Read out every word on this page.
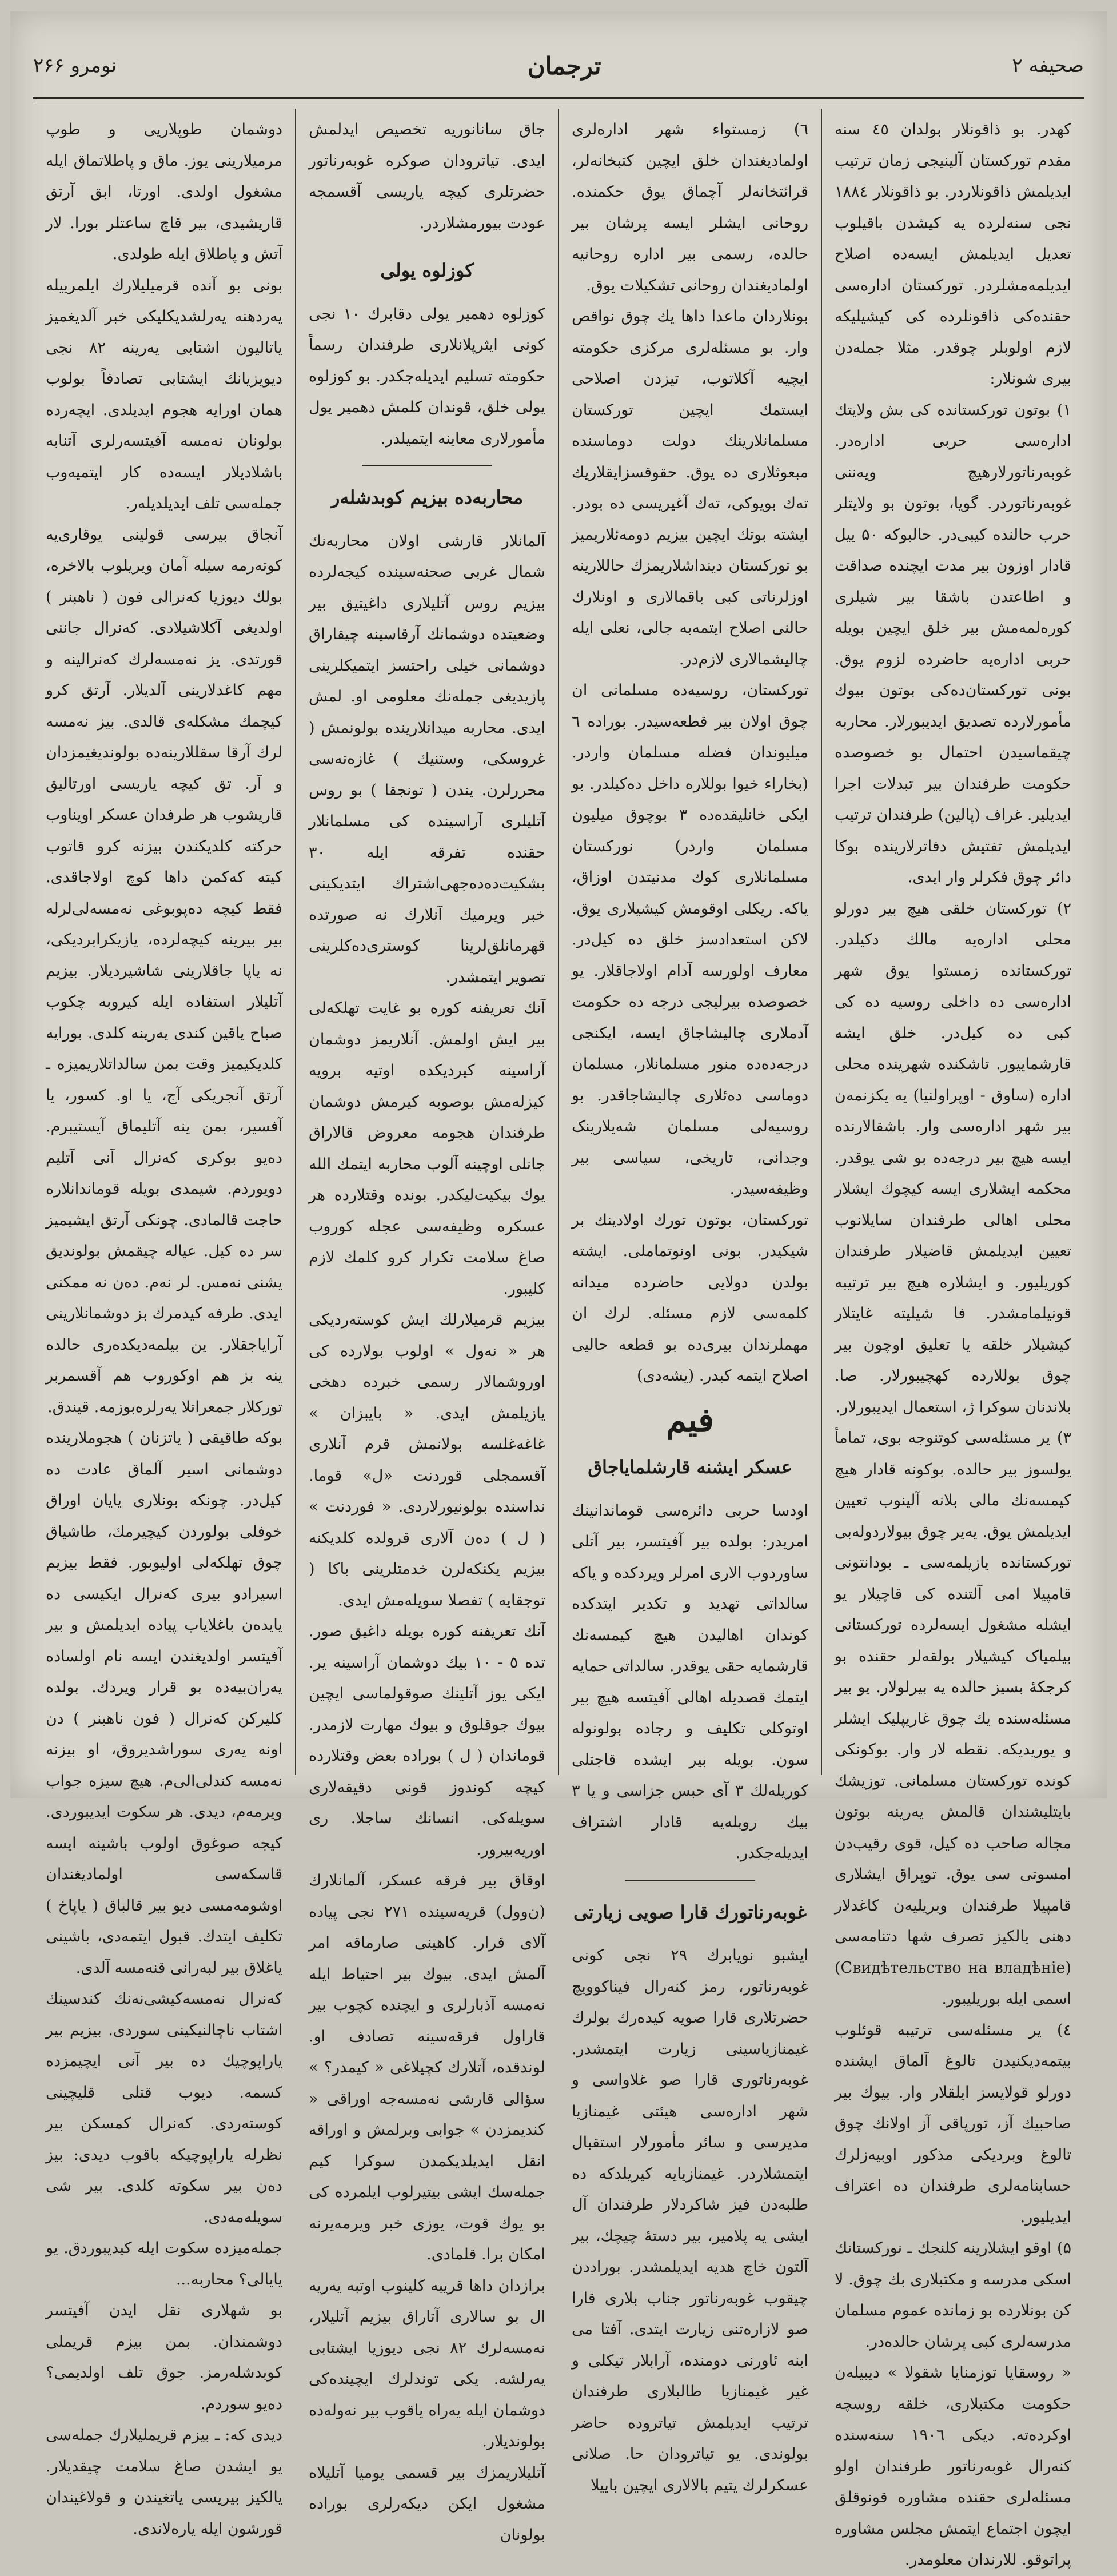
صحیفه ۲
ترجمان
نومرو ۲۶۶

کهدر. بو ذاقونلار بولدان ٤٥ سنه مقدم تورکستان آلینیجی زمان ترتیب ایدیلمش ذاقونلاردر. بو ذاقونلار ۱۸۸٤ نجی سنه‌لرده یه کیشدن باقیلوب تعدیل ایدیلمش ایسه‌ده اصلاح ایدیلمه‌مشلردر. تورکستان اداره‌سی حقنده‌کی ذاقونلرده کی کیشیلیکه لازم اولوبلر چوقدر. مثلا جمله‌دن بیری شونلار:

۱) بوتون تورکستانده کی بش ولایتك اداره‌سی حربی اداره‌در. غوبه‌رناتورلار‌هیچ ویه‌ننی غوبه‌رناتوردر. گویا، بوتون بو ولایتلر حرب حالنده کیبی‌در. حالبوکه ۵۰ ییل قادار اوزون بیر مدت ایچنده صداقت و اطاعتدن باشقا بیر شیلری کوره‌لمه‌مش بیر خلق ایچین بویله حربی اداره‌یه حاضرده لزوم یوق. بونی تورکستان‌ده‌کی بوتون بیوك مأمورلارده تصدیق ایدیبورلار. محاربه چیقماسیدن احتمال بو خصوصده حکومت طرفندان بیر تبدلات اجرا ایدیلیر. غراف (پالین) طرفندان ترتیب ایدیلمش تفتیش دفاترلارینده بوکا دائر چوق فکرلر وار ایدی.

۲) تورکستان خلقی هیچ بیر دورلو محلی اداره‌یه مالك دکیلدر. تورکستانده زمستوا یوق شهر اداره‌سی ده داخلی روسیه ده کی کبی ده کیل‌در. خلق ایشه قارشماییور. تاشکنده شهرینده محلی اداره (ساوق - اوپراولنیا) یه یکزنمه‌ن بیر شهر اداره‌سی وار. باشقالارنده ایسه هیچ بیر درجه‌ده بو شی یوقدر. محکمه ایشلاری ایسه کیچوك ایشلار محلی اهالی طرفندان سایلانوب تعیین ایدیلمش قاضیلار طرفندان کوریلیور. و ایشلاره هیچ بیر ترتیبه قونیلمامشدر. فا شیلیته غایتلار کیشیلار خلقه یا تعلیق اوچون بیر چوق بوللارده کهچیبورلار. صا. بلاندنان سوکرا ژ، استعمال ایدیبورلار.

۳) یر مسئله‌سی کوتنوجه بوی، تمامأ یولسوز بیر حالده. بوکونه قادار هیچ کیمسه‌نك مالی بلانه آلینوب تعیین ایدیلمش یوق. یه‌یر چوق بیولاردوله‌بی تورکستانده یازیلمه‌سی ـ بودانتونی قامپیلا امی آلتنده کی قاچیلار یو ایشله مشغول ایسه‌لرده تورکستانی بیلمیاک کیشیلار بولقه‌لر حقنده بو کرجكهٔ بسیز حالده یه بیر‌لولار. یو بیر مسئله‌سنده یك چوق غاریپلیک ایشلر و یوریدیکه. نقطه‌ لار وار. بوکونکی کونده تورکستان مسلمانی. توزیشك بایتلیشندان قالمش یه‌رینه بوتون مجاله صاحب ده کیل، قوی رقیب‌دن امسوتی‌ سی یوق. توپراق ایشلاری قامپیلا طرفندان وبریلیه‌ن کاغدلار دهنی یالکیز تصرف شها دتنامه‌سی (Свидѣтельство на владѣніе) اسمی ایله بوریلیبور.

٤) یر مسئله‌سی ترتیبه قوئلوب بیتمه‌دیکنیدن تالوغ آلماق ایشنده دورلو قولایسز ایلقلار وار. بیوك بیر صاحبیك آز، تورپاقی آز اولانك چوق تالوغ وبردیکی مذکور اوبیه‌زلرك حسابنامه‌لری طرفندان ده اعتراف ایدیلیور.

۵) اوقو ایشلارینه کلنجك ـ نورکستانك اسکی مدرسه و مکتبلاری بك چوق. لا کن بونلارده بو زمانده عموم مسلمان مدرسه‌لری کبی پرشان حالده‌در.

« روسقایا توزمنایا شقولا » دیبیله‌ن حکومت مکتبلاری، خلقه روسچه اوکرده‌ته. دیکی ۱۹۰٦ سنه‌سنده کنه‌رال غوبه‌رناتور طرفندان اولو مسئله‌لری حقنده مشاوره قونوقلق ایچون اجتماع ایتمش مجلس مشاوره پراتوقو. للارندان معلومدر.

٦) زمستواء شهر اداره‌لری اولمادیغندان خلق ایچین کتبخانه‌لر، قرائتخانه‌لر آچماق یوق حکمنده. روحانی ایشلر ایسه پرشان بیر حالده، رسمی بیر اداره روحانیه اولمادیغندان روحانی تشکیلات یوق.

بونلاردان ماعدا داها یك چوق نواقص وار. بو مسئله‌لری مرکزی حکومته ایچیه آکلاتوب، تیزدن اصلاحی ایستمك ایچین تورکستان مسلمانلارینك دولت دوماسنده مبعوثلاری ده یوق. حقوقسزایقلاریك ته‌ك بویوکی، ته‌ك آغیریسی ده بودر. ایشته بوتك ایچین بیزیم دومه‌ئلاریمیز بو تورکستان دینداشلاریمزك حاللارینه اوزلرناتی کبی باقمالاری و اونلارك حالنی اصلاح ایتمه‌به جالی، نعلی ایله چالیشمالاری لازم‌در.

تورکستان، روسیه‌ده مسلمانی ان چوق اولان بیر قطعه‌سیدر. بوراده ٦ میلیوندان فضله مسلمان واردر. (بخاراء خیوا بوللاره داخل ده‌کیلدر. بو ایکی خانلیقده‌ده ۳ بوچوق میلیون مسلمان واردر) نورکستان مسلمانلاری کوك مدنیتدن اوزاق، یاکه. ریکلی اوقومش کیشیلاری یوق. لاکن استعدادسز خلق ده کیل‌در. معارف اولورسه آدام اولاجاقلار. یو خصوصده بیرلیجی درجه ده حکومت آدملاری چالیشاجاق ایسه، ایکنجی درجه‌ده‌ده منور مسلمانلار، مسلمان دوماسی ده‌ئلاری چالیشاجاقدر. بو روسیه‌لی مسلمان شه‌یلارینک وجدانی، تاریخی، سیاسی بیر وظیفه‌سیدر.

تورکستان، بوتون تورك اولادینك بر شیکیدر. بونی اونوتماملی. ایشته بولدن دولایی حاضرده میدانه کلمه‌سی لازم مسئله. لرك ان مهملرندان بیری‌ده بو قطعه حالیی اصلاح ایتمه کبدر. (یشه‌دی)

فیم
عسکر ایشنه قارشلمایاجاق

اودسا حربی دائره‌سی قوماندانینك امریدر: بولده بیر آفیتسر، بیر آتلی ساوردوب الاری امرلر ویردکده و یاکه سالداتی تهدید و تکدیر ایتدکده کوندان اهالیدن هیچ کیمسه‌نك قارشمایه حقی یوقدر. سالداتی حمایه ایتمك قصدیله اهالی آفیتسه هیچ بیر اوتوکلی تکلیف و رجاده بولونوله سون. بویله بیر ایشده قاجتلی کوریله‌لك ۳ آی حبس جزاسی و یا ۳ بیك روبله‌یه قادار اشتراف ایدیله‌جکدر.

غوبه‌رناتورك قارا صویی زیارتی

ایشبو نویابرك ۲۹ نجی کونی غوبه‌رناتور، رمز کنه‌رال فیناکوویچ حضرتلاری قارا صویه کیده‌رك بولرك غیمنازیاسینی زیارت ایتمشدر. غوبه‌رناتوری قارا صو غلاواسی و شهر اداره‌سی هیئتی غیمنازیا مدیرسی و سائر مأمورلار استقبال ایتمشلاردر. غیمنازیایه کیریلدکه ده طلبه‌دن فیز شاکردلار طرفندان آل ایشی یه پلامیر، بیر دستهٔ چیچك، بیر آلتون خاچ هدیه ایدیلمشدر. بوراددن چیقوب غوبه‌رناتور جناب بلاری قارا صو لازاره‌تنی زیارت ایتدی. آفتا می ابنه ئاورنی دومنده، آرابلار تیکلی و غیر غیمنازیا طالبلاری طرفندان ترتیب ایدیلمش تیاتروده حاضر بولوندی. یو تیاترودان حا. صلانی عسکرلرك یتیم بالالاری ایچین باییلا

جاق سانانوریه تخصیص ایدلمش ایدی. تیاترودان صوکره غوبه‌رناتور حضرتلری کیچه یاریسی آقسمجه عودت بیورمشلاردر.

کوزلوه یولی

کوزلوه دهمیر یولی دقابرك ۱۰ نجی کونی ایثرپلانلاری طرفندان رسماً حکومته تسلیم ایدیله‌جکدر. بو کوزلوه یولی خلق، قوندان کلمش دهمیر یول مأمورلاری معاینه ایتمیلدر.

محاربه‌ده بیزیم کوبدشله‌ر

آلمانلار قارشی اولان محاربه‌نك شمال غربی صحنه‌سینده کیجه‌لرده بیزیم روس آتلیلاری داغیتیق بیر وضعیتده دوشمانك آرقاسینه چیقاراق دوشمانی خیلی راحتسز ایتمیکلرینی پازیدیغی جمله‌نك معلومی او. لمش ایدی. محاربه میدانلارینده بولونمش ( غروسکی، وستنیك ) غازه‌ته‌سی محررلرن. یندن ( تونجقا ) بو روس آتلیلری آراسینده کی مسلمانلار حقنده تفرقه ایله ۳۰ بشکیت‌ده‌ده‌جهی‌اشتراك ایتدیکینی خبر ویرمیك آنلارك نه صورتده قهرمانلق‌لرینا کوستری‌ده‌کلرینی تصویر ایتمشدر.

آنك تعریفنه کوره بو غایت تهلکه‌لی بیر ایش اولمش. آنلاریمز دوشمان آراسینه کیردیکده اوتیه برویه کیزله‌مش بوصوبه کیرمش دوشمان طرفندان هجومه معروض قالاراق جانلی اوچینه آلوب محاربه ایتمك الله یوك بیکیت‌لیکدر. بونده وقتلارده هر عسکره وظیفه‌سی عجله کوروب صاغ سلامت تکرار کرو کلمك لازم کلیبور.

بیزیم قرمیلارلك ایش کوسته‌ردیکی هر « نه‌ول » اولوب بولارده کی اوروشمالار رسمی خبرده دهخی یازیلمش ایدی. « بایبزان » غاغه‌غلسه بولانمش قرم آنلاری آقسمجلی قوردنت «ل» قوما. نداسنده بولونیورلاردی. « فوردنت » ( ل ) ده‌ن آلاری قرولده کلدیکنه بیزیم یکنکه‌لرن خدمتلرینی باکا ( توجقایه ) تفصلا سویله‌مش ایدی.

آنك تعریفنه کوره بویله داغیق صور. تده ٥ - ۱۰ بیك دوشمان آراسینه یر. ایکی یوز آتلینك صوقولماسی ایچین بیوك جوقلوق و بیوك مهارت لازمدر. قوماندان ( ل ) بوراده بعض وقتلارده کیچه کوندوز قونی دقیقه‌لاری سویله‌کی. انسانك ساجلا. ری اوریه‌بیرور.

اوقاق بیر فرقه عسکر، آلمانلارك (ن‌وول) قریه‌سینده ۲۷۱ نجی پیاده آلای قرار. کاهینی صارماقه امر آلمش ایدی. بیوك بیر احتیاط ایله نه‌مسه آذبارلری و ایچنده کچوب بیر قاراول فرقه‌سینه تصادف او. لوندقده، آتلارك کچیلاغی « کیمدر؟ » سؤالی قارشی نه‌مسه‌جه اوراقی « کندیمزدن » جوابی وبرلمش و اوراقه انقل ایدیلدیکمدن سوکرا کیم جمله‌سك ایشی بیتیرلوب ایلمرده کی بو یوك قوت، یوزی خبر ویرمه‌یرنه امکان برا. قلمادی.

برازدان داها قریبه کلینوب اوتبه یه‌ریه ال بو سالاری آتاراق بیزیم آتلیلار، نه‌مسه‌لرك ۸۲ نجی دیوزیا ایشتابی یه‌رلشه. یکی توندلرك ایچینده‌کی دوشمان ایله یه‌راه یاقوب بیر نه‌وله‌ده بولوندیلار.

آتلیلاریمزك بیر قسمی یومیا آتلیلاه مشغول ایکن دیکه‌رلری بوراده بولونان

دوشمان طوپلاریی و طوپ مرمیلارینی یوز. ماق و پاطلاتماق ایله مشغول اولدی. اورتا، ابق آرتق قاریشیدی، بیر قاچ ساعتلر بورا. لار آتش و پاطلاق ایله طولدی.

بونی بو آنده قرمیلیلارك ایلمرییله یه‌ردهنه یه‌رلشدیکلیکی خبر آلدیغمیز یاتالیون اشتابی یه‌رینه ۸۲ نجی دیویزیانك ایشتابی تصادفاً بولوب همان اورایه هجوم ایدیلدی. ایچه‌رده بولونان نه‌مسه آفیتسه‌رلری آتنابه باشلادیلار ایسه‌ده کار ایتمیه‌وب جمله‌سی تلف ایدیلدیله‌ر.

آنجاق بیرسی قولینی یوقاری‌یه کوته‌رمه سیله آمان ویریلوب بالاخره، بولك دیوزیا که‌نرالی فون ( ناهبنر ) اولدیغی آکلاشیلادی. که‌نرال جاننی قورتدی. یز نه‌مسه‌لرك که‌نرالینه و مهم کاغدلارینی آلدیلار. آرتق کرو کیچمك مشکله‌ی قالدی. بیز نه‌مسه لرك آرقا سقللارینه‌ده بولوندیغیمزدان و آر. تق کیچه یاریسی اورتالیق قاریشوب هر طرفدان عسکر اویناوب حرکته کلدیکندن بیزنه کرو قاتوب کیته که‌کمن داها کوچ اولاجاقدی. فقط کیچه ده‌پوبوغی نه‌مسه‌لی‌لرله بیر بیرینه کیچه‌لرده، یازیکرابردیکی، نه یاپا جاقلارینی شاشیردیلار. بیزیم آتلیلار استفاده ایله کیروبه چکوب صباح یاقین کندی یه‌رینه کلدی. بورایه کلدیکیمیز وقت بمن سالداتلاریمیزه ـ آرتق آنجریکی آج، یا او. کسور، یا آفسیر، بمن ینه آتلیماق آیستیبرم. ده‌یو بوکری که‌نرال آنی آتلیم دویوردم. شیمدی بویله قوماندانلاره حاجت قالمادی. چونکی آرتق ایشیمیز سر ده کیل. عیاله چیقمش بولوندیق یشنی نه‌مس. لر نه‌م. ده‌ن نه ممکنی ایدی. طرفه کیدمرك بز دوشمانلارینی آرایاجقلار. ین بیلمه‌دیکده‌ری حالده ینه بز هم او‌کوروب هم آقسمربر تورکلار جمعراتلا یه‌رلره‌بوزمه. قیندق.

بوکه طاقیقی ( یاتزنان ) هجوملارینده دوشمانی اسیر آلماق عادت ده کیل‌در. چونکه بونلاری یایان اوراق خوفلی بولوردن کیچیرمك، طاشیاق چوق تهلکه‌لی اولیوبور. فقط بیزیم اسیرادو بیری که‌نرال ایکیسی ده یایده‌ن باغلایاب پیاده ایدیلمش و بیر آفیتسر اولدیغندن ایسه نام اولساده یه‌ران‌بیه‌ده بو قرار ویردك. بولده کلیر‌کن که‌نرال ( فون ناهبنر ) دن اونه یه‌ری سوراشدیروق، او بیزنه نه‌مسه کندلی‌الی‌م. هیچ سیزه جواب ویرمه‌م، دیدی. هر سکوت ایدیبوردی. کیجه صوغوق اولوب باشینه ایسه قاسکه‌سی اولمادیغندان اوشومه‌مسی دیو بیر قالباق ( یاپاخ ) تکلیف ایتدك. قبول ایتمه‌دی، باشینی یاغلاق بیر لبه‌رانی قنه‌مسه آلدی.

که‌نرال نه‌مسه‌کیشی‌نه‌نك کندسینك اشتاب ناچالنیکینی سوردی. بیزیم بیر یاراپوچیك ده بیر آنی ایچیمزده کسمه. دیوب قتلی قلیچینی کوسته‌ردی. که‌نرال کمسکن بیر نظرله یاراپوچیکه باقوب دیدی: بیز ده‌ن بیر سکوته کلدی. بیر شی سویله‌مه‌دی.

جمله‌میزده سکوت ایله کیدیبوردق. یو یایالی؟ محاربه...

بو شهلاری نقل ایدن آفیتسر دوشمندان. بمن بیزم قریملی کوبدشله‌رمز. جوق تلف اولدیمی؟ ده‌یو سوردم.

دیدی که: ـ بیزم قریملیلارك جمله‌سی یو ایشدن صاغ سلامت چیقدیلار. یالکیز بیریسی یاتغیندن و قولاغیندان قورشون ایله یاره‌لاندی.
